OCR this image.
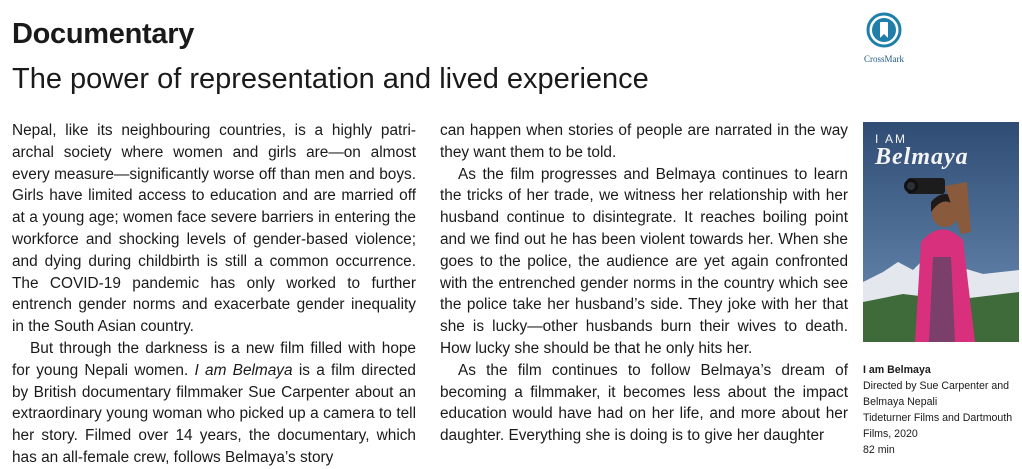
Documentary
The power of representation and lived experience
CrossMark

Nepal, like its neighbouring countries, is a highly patriarchal society where women and girls are—on almost every measure—significantly worse off than men and boys. Girls have limited access to education and are married off at a young age; women face severe barriers in entering the workforce and shocking levels of gender-based violence; and dying during childbirth is still a common occurrence. The COVID-19 pandemic has only worked to further entrench gender norms and exacerbate gender inequality in the South Asian country.

But through the darkness is a new film filled with hope for young Nepali women. I am Belmaya is a film directed by British documentary filmmaker Sue Carpenter about an extraordinary young woman who picked up a camera to tell her story. Filmed over 14 years, the documentary, which has an all-female crew, follows Belmaya’s story

can happen when stories of people are narrated in the way they want them to be told.

As the film progresses and Belmaya continues to learn the tricks of her trade, we witness her relationship with her husband continue to disintegrate. It reaches boiling point and we find out he has been violent towards her. When she goes to the police, the audience are yet again confronted with the entrenched gender norms in the country which see the police take her husband’s side. They joke with her that she is lucky—other husbands burn their wives to death. How lucky she should be that he only hits her.

As the film continues to follow Belmaya’s dream of becoming a filmmaker, it becomes less about the impact education would have had on her life, and more about her daughter. Everything she is doing is to give her daughter

I AM
Belmaya
I am Belmaya
Directed by Sue Carpenter and
Belmaya Nepali
Tideturner Films and Dartmouth
Films, 2020
82 min
